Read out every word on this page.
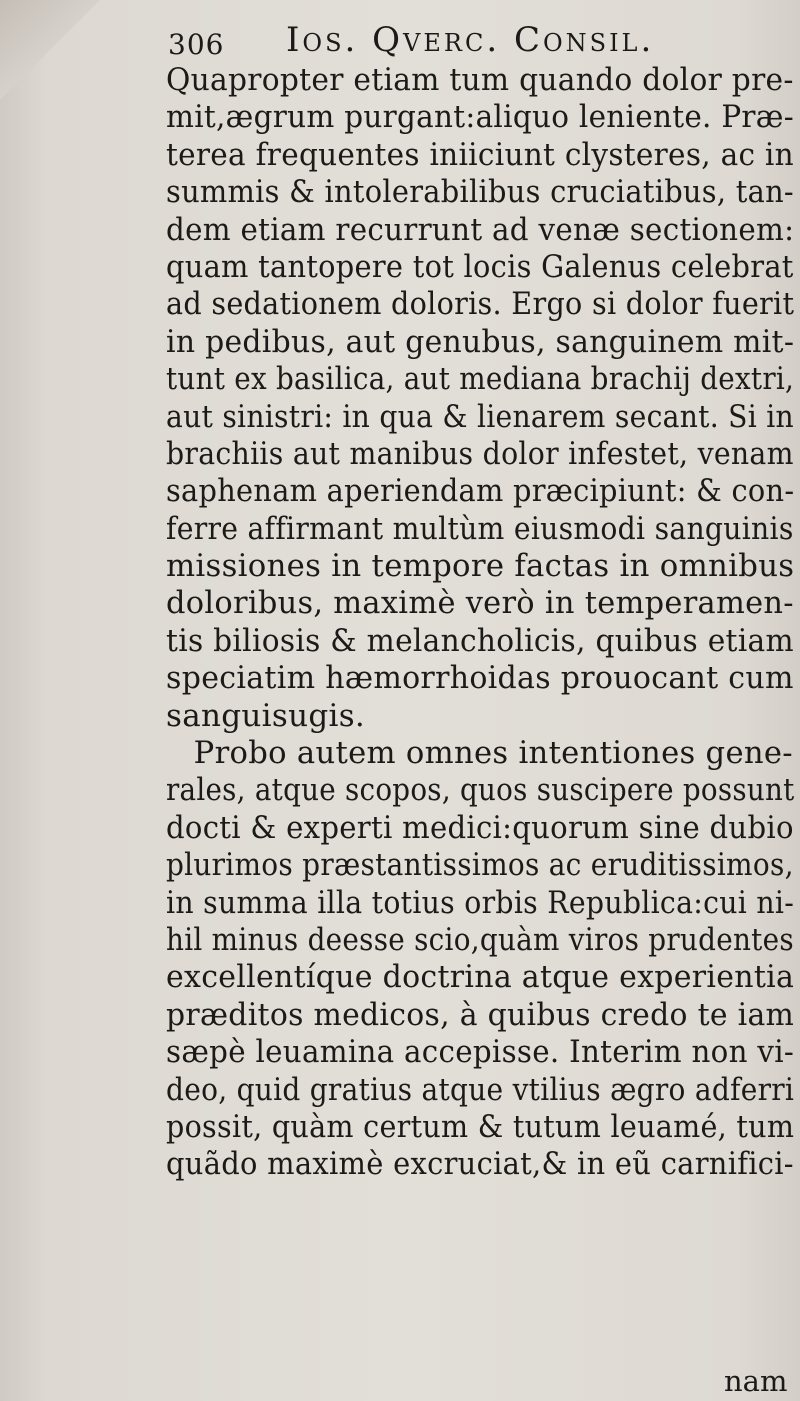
306 Ios. Qverc. Consil.
Quapropter etiam tum quando dolor pre-
mit,ægrum purgant:aliquo leniente. Præ-
terea frequentes iniiciunt clysteres, ac in
summis & intolerabilibus cruciatibus, tan-
dem etiam recurrunt ad venæ sectionem:
quam tantopere tot locis Galenus celebrat
ad sedationem doloris. Ergo si dolor fuerit
in pedibus, aut genubus, sanguinem mit-
tunt ex basilica, aut mediana brachij dextri,
aut sinistri: in qua & lienarem secant. Si in
brachiis aut manibus dolor infestet, venam
saphenam aperiendam præcipiunt: & con-
ferre affirmant multùm eiusmodi sanguinis
missiones in tempore factas in omnibus
doloribus, maximè verò in temperamen-
tis biliosis & melancholicis, quibus etiam
speciatim hæmorrhoidas prouocant cum
sanguisugis.
Probo autem omnes intentiones gene-
rales, atque scopos, quos suscipere possunt
docti & experti medici:quorum sine dubio
plurimos præstantissimos ac eruditissimos,
in summa illa totius orbis Republica:cui ni-
hil minus deesse scio,quàm viros prudentes
excellentíque doctrina atque experientia
præditos medicos, à quibus credo te iam
sæpè leuamina accepisse. Interim non vi-
deo, quid gratius atque vtilius ægro adferri
possit, quàm certum & tutum leuamé, tum
quãdo maximè excruciat,& in eũ carnifici-
nam
